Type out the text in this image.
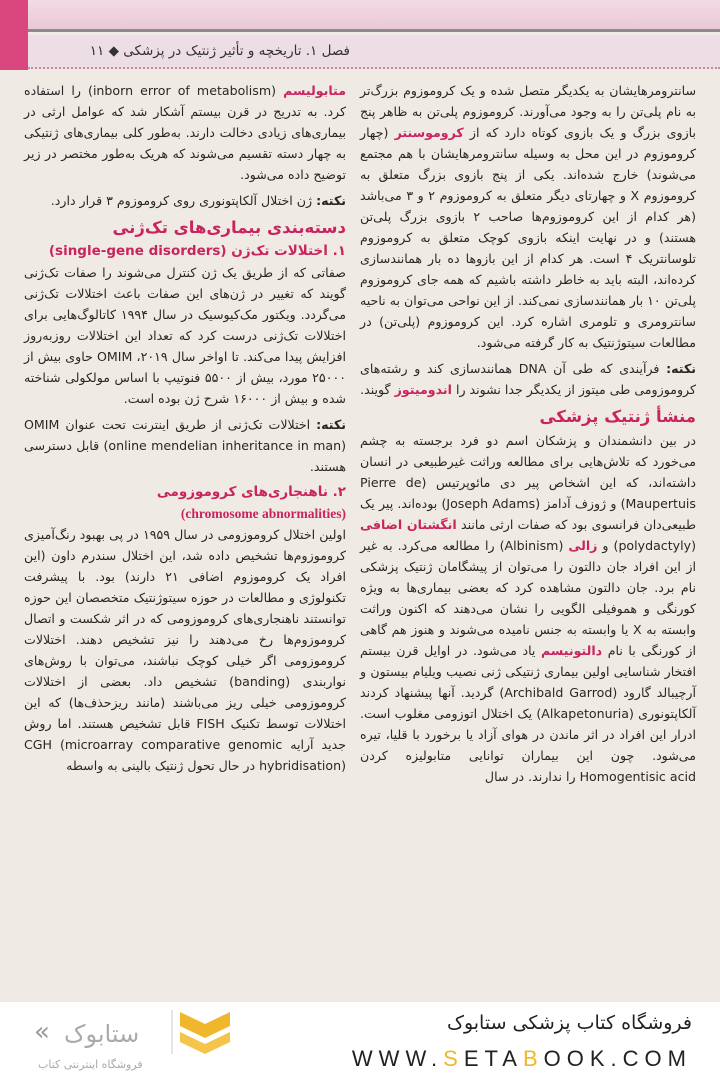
فصل ۱. تاریخچه و تأثیر ژنتیک در پزشکی ◆ ۱۱

سانترومرهایشان به یکدیگر متصل شده و یک کروموزوم بزرگ‌تر به نام پلی‌تن را به وجود می‌آورند. کروموزوم پلی‌تن به ظاهر پنج بازوی بزرگ و یک بازوی کوتاه دارد که از کروموسنتر (چهار کروموزوم در این محل به وسیله سانترومرهایشان با هم مجتمع می‌شوند) خارج شده‌اند. یکی از پنج بازوی بزرگ متعلق به کروموزوم X و چهارتای دیگر متعلق به کروموزوم ۲ و ۳ می‌باشد (هر کدام از این کروموزوم‌ها صاحب ۲ بازوی بزرگ پلی‌تن هستند) و در نهایت اینکه بازوی کوچک متعلق به کروموزوم تلوسانتریک ۴ است. هر کدام از این بازوها ده بار همانندسازی کرده‌اند، البته باید به خاطر داشته باشیم که همه جای کروموزوم پلی‌تن ۱۰ بار همانندسازی نمی‌کند. از این نواحی می‌توان به ناحیه سانترومری و تلومری اشاره کرد. این کروموزوم (پلی‌تن) در مطالعات سیتوژنتیک به کار گرفته می‌شود.

نکته: فرآیندی که طی آن DNA همانندسازی کند و رشته‌های کروموزومی طی میتوز از یکدیگر جدا نشوند را اندومیتوز گویند.

منشأ ژنتیک پزشکی

در بین دانشمندان و پزشکان اسم دو فرد برجسته به چشم می‌خورد که تلاش‌هایی برای مطالعه وراثت غیرطبیعی در انسان داشته‌اند، که این اشخاص پیر دی مائوپرتیس (Pierre de Maupertuis) و ژوزف آدامز (Joseph Adams) بوده‌اند. پیر یک طبیعی‌دان فرانسوی بود که صفات ارثی مانند انگشتان اضافی (polydactyly) و زالی (Albinism) را مطالعه می‌کرد. به غیر از این افراد جان دالتون را می‌توان از پیشگامان ژنتیک پزشکی نام برد. جان دالتون مشاهده کرد که بعضی بیماری‌ها به ویژه کورنگی و هموفیلی الگویی را نشان می‌دهند که اکنون وراثت وابسته به X یا وابسته به جنس نامیده می‌شوند و هنوز هم گاهی از کورنگی با نام دالتونیسم یاد می‌شود. در اوایل قرن بیستم افتخار شناسایی اولین بیماری ژنتیکی ژنی نصیب ویلیام بیستون و آرچیبالد گارود (Archibald Garrod) گردید. آنها پیشنهاد کردند آلکاپتونوری (Alkapetonuria) یک اختلال اتوزومی مغلوب است. ادرار این افراد در اثر ماندن در هوای آزاد یا برخورد با قلیا، تیره می‌شود. چون این بیماران توانایی متابولیزه کردن Homogentisic acid را ندارند. در سال

متابولیسم (inborn error of metabolism) را استفاده کرد. به تدریج در قرن بیستم آشکار شد که عوامل ارثی در بیماری‌های زیادی دخالت دارند. به‌طور کلی بیماری‌های ژنتیکی به چهار دسته تقسیم می‌شوند که هریک به‌طور مختصر در زیر توضیح داده می‌شود.

نکته: ژن اختلال آلکاپتونوری روی کروموزوم ۳ قرار دارد.

دسته‌بندی بیماری‌های تک‌ژنی
۱. اختلالات تک‌ژن (single-gene disorders)

صفاتی که از طریق یک ژن کنترل می‌شوند را صفات تک‌ژنی گویند که تغییر در ژن‌های این صفات باعث اختلالات تک‌ژنی می‌گردد. ویکتور مک‌کیوسیک در سال ۱۹۹۴ کاتالوگ‌هایی برای اختلالات تک‌ژنی درست کرد که تعداد این اختلالات روزبه‌روز افزایش پیدا می‌کند. تا اواخر سال ۲۰۱۹، OMIM حاوی بیش از ۲۵۰۰۰ مورد، بیش از ۵۵۰۰ فنوتیپ با اساس مولکولی شناخته شده و بیش از ۱۶۰۰۰ شرح ژن بوده است.

نکته: اختلالات تک‌ژنی از طریق اینترنت تحت عنوان OMIM (online mendelian inheritance in man) قابل دسترسی هستند.

۲. ناهنجاری‌های کروموزومی
(chromosome abnormalities)

اولین اختلال کروموزومی در سال ۱۹۵۹ در پی بهبود رنگ‌آمیزی کروموزوم‌ها تشخیص داده شد، این اختلال سندرم داون (این افراد یک کروموزوم اضافی ۲۱ دارند) بود. با پیشرفت تکنولوژی و مطالعات در حوزه سیتوژنتیک متخصصان این حوزه توانستند ناهنجاری‌های کروموزومی که در اثر شکست و اتصال کروموزوم‌ها رخ می‌دهند را نیز تشخیص دهند. اختلالات کروموزومی اگر خیلی کوچک نباشند، می‌توان با روش‌های نواربندی (banding) تشخیص داد. بعضی از اختلالات کروموزومی خیلی ریز می‌باشند (مانند ریزحذف‌ها) که این اختلالات توسط تکنیک FISH قابل تشخیص هستند. اما روش جدید آرایه CGH (microarray comparative genomic hybridisation) در حال تحول ژنتیک بالینی به واسطه

فروشگاه کتاب پزشکی ستابوک
WWW.SETABOOK.COM
« ستابوک
فروشگاه اینترنتی کتاب
